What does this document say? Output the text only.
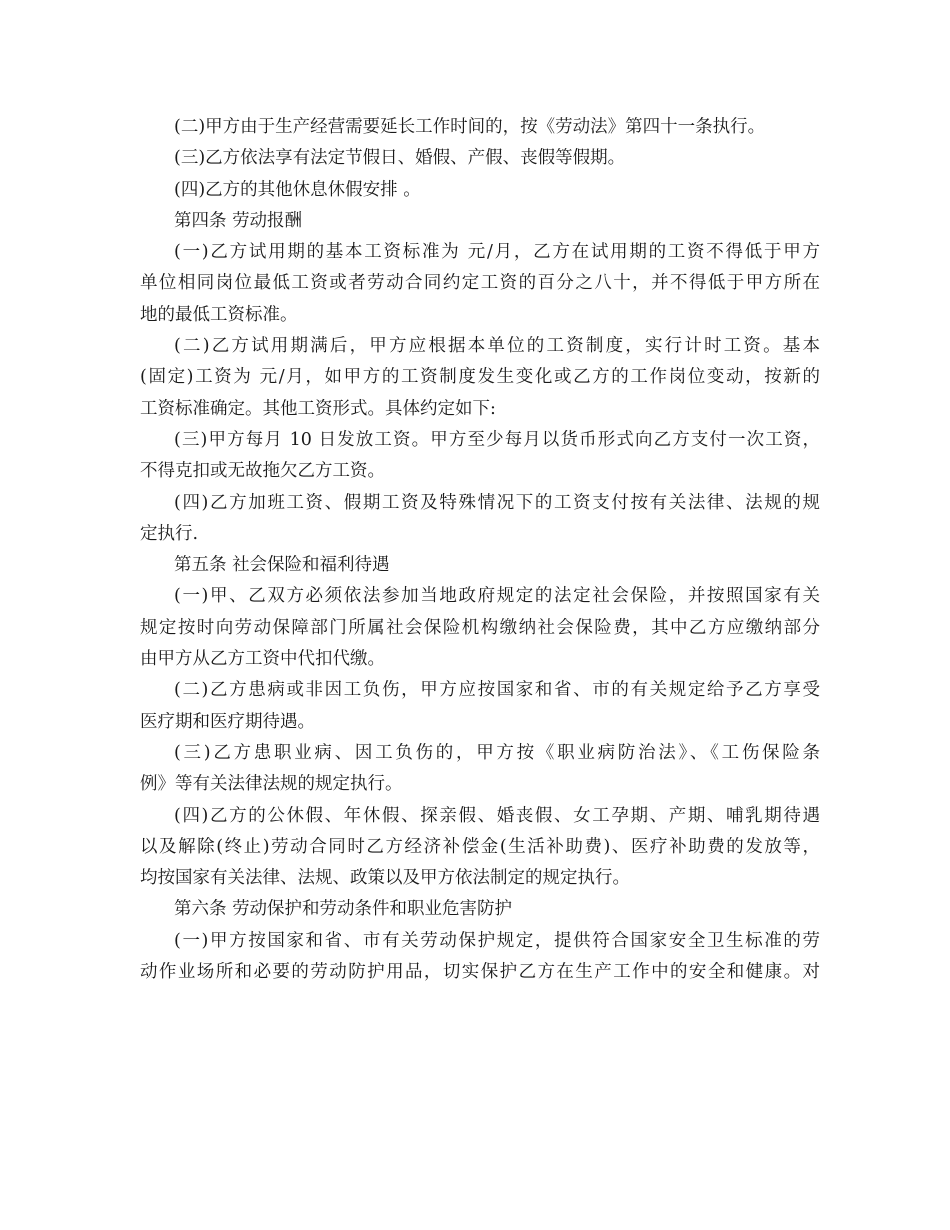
(二)甲方由于生产经营需要延长工作时间的，按《劳动法》第四十一条执行。
(三)乙方依法享有法定节假日、婚假、产假、丧假等假期。
(四)乙方的其他休息休假安排 。
第四条 劳动报酬
(一)乙方试用期的基本工资标准为 元/月，乙方在试用期的工资不得低于甲方
单位相同岗位最低工资或者劳动合同约定工资的百分之八十，并不得低于甲方所在
地的最低工资标准。
(二)乙方试用期满后，甲方应根据本单位的工资制度，实行计时工资。基本
(固定)工资为 元/月，如甲方的工资制度发生变化或乙方的工作岗位变动，按新的
工资标准确定。其他工资形式。具体约定如下:
(三)甲方每月 10 日发放工资。甲方至少每月以货币形式向乙方支付一次工资，
不得克扣或无故拖欠乙方工资。
(四)乙方加班工资、假期工资及特殊情况下的工资支付按有关法律、法规的规
定执行.
第五条 社会保险和福利待遇
(一)甲、乙双方必须依法参加当地政府规定的法定社会保险，并按照国家有关
规定按时向劳动保障部门所属社会保险机构缴纳社会保险费，其中乙方应缴纳部分
由甲方从乙方工资中代扣代缴。
(二)乙方患病或非因工负伤，甲方应按国家和省、市的有关规定给予乙方享受
医疗期和医疗期待遇。
(三)乙方患职业病、因工负伤的，甲方按《职业病防治法》、《工伤保险条
例》等有关法律法规的规定执行。
(四)乙方的公休假、年休假、探亲假、婚丧假、女工孕期、产期、哺乳期待遇
以及解除(终止)劳动合同时乙方经济补偿金(生活补助费)、医疗补助费的发放等，
均按国家有关法律、法规、政策以及甲方依法制定的规定执行。
第六条 劳动保护和劳动条件和职业危害防护
(一)甲方按国家和省、市有关劳动保护规定，提供符合国家安全卫生标准的劳
动作业场所和必要的劳动防护用品，切实保护乙方在生产工作中的安全和健康。对
